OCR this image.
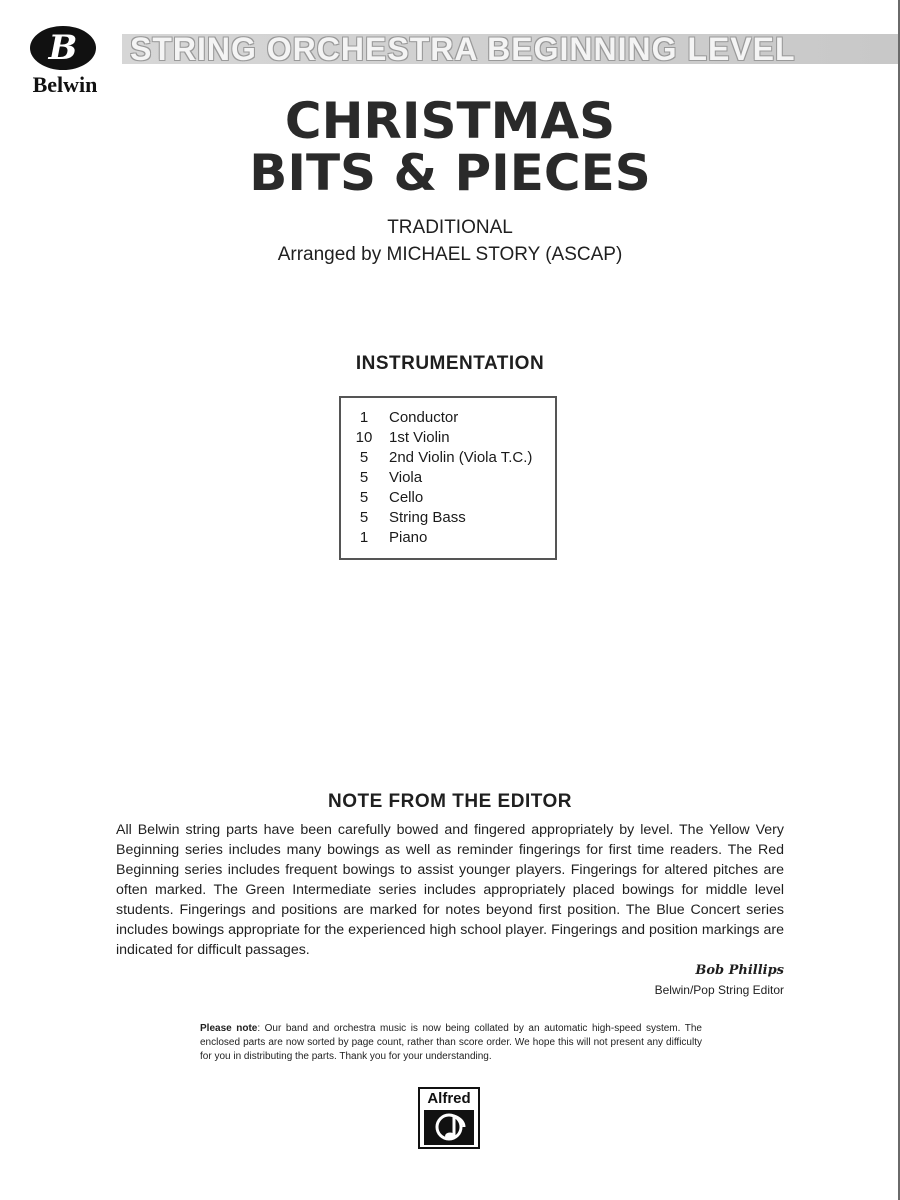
B
Belwin
STRING ORCHESTRA BEGINNING LEVEL
CHRISTMAS
BITS & PIECES
TRADITIONAL
Arranged by MICHAEL STORY (ASCAP)
INSTRUMENTATION
1 Conductor
10 1st Violin
5 2nd Violin (Viola T.C.)
5 Viola
5 Cello
5 String Bass
1 Piano
NOTE FROM THE EDITOR
All Belwin string parts have been carefully bowed and fingered appropriately by level. The Yellow Very Beginning series includes many bowings as well as reminder fingerings for first time readers. The Red Beginning series includes frequent bowings to assist younger players. Fingerings for altered pitches are often marked. The Green Intermediate series includes appropriately placed bowings for middle level students. Fingerings and positions are marked for notes beyond first position. The Blue Concert series includes bowings appropriate for the experienced high school player. Fingerings and position markings are indicated for difficult passages.
Bob Phillips
Belwin/Pop String Editor
Please note: Our band and orchestra music is now being collated by an automatic high-speed system. The enclosed parts are now sorted by page count, rather than score order. We hope this will not present any difficulty for you in distributing the parts. Thank you for your understanding.
Alfred
